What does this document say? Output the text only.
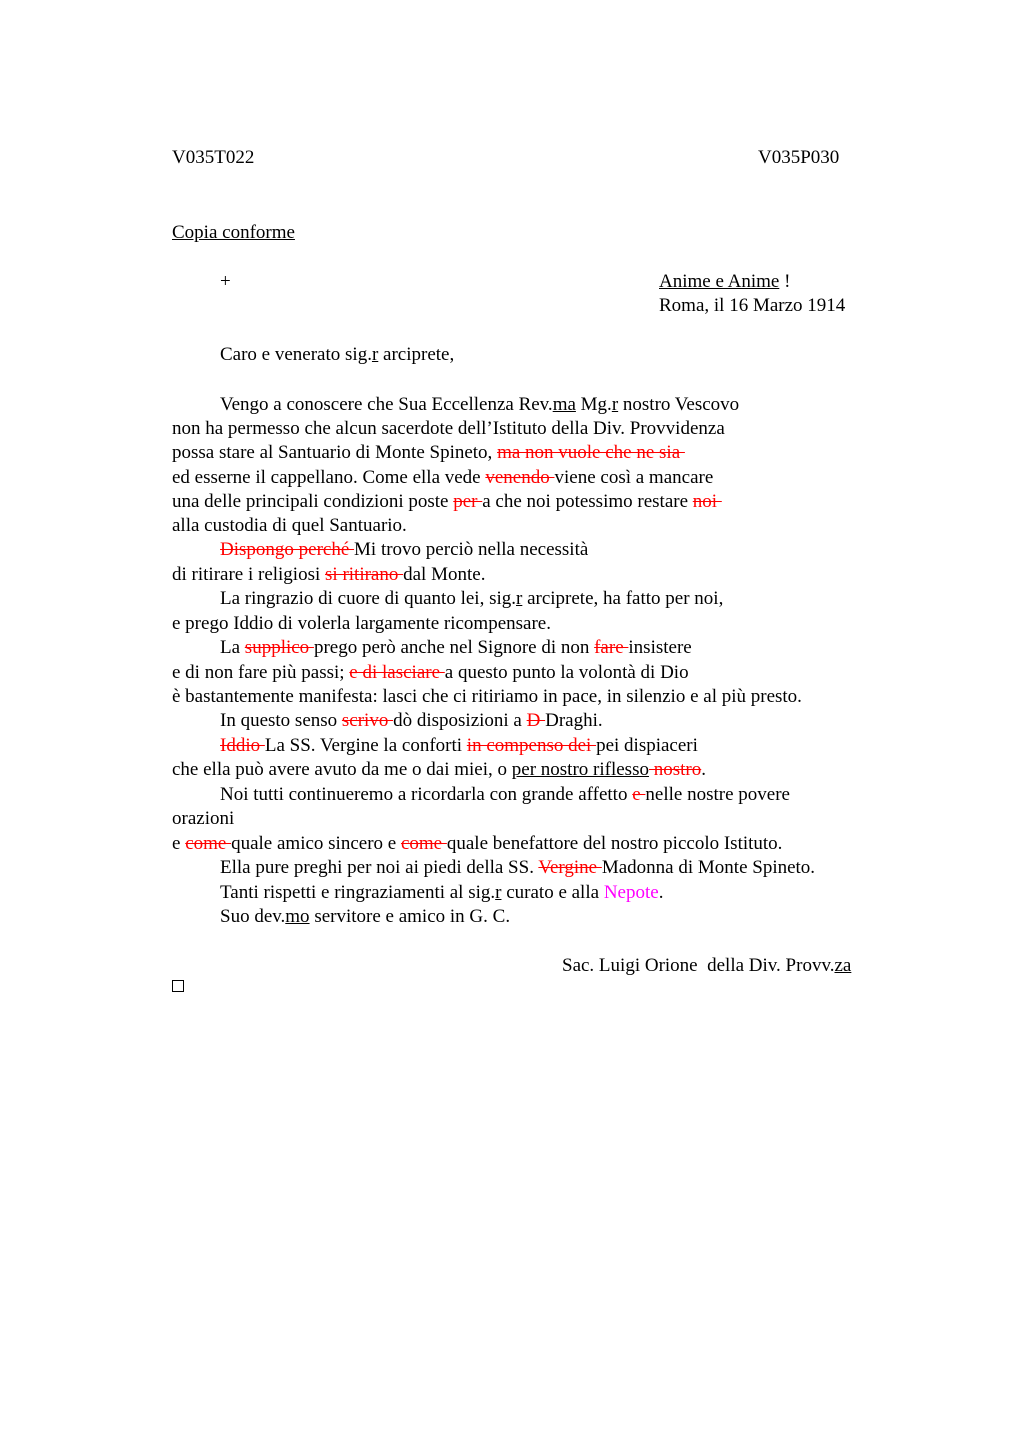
V035T022	V035P030
Copia conforme
+	Anime e Anime !
Roma, il 16 Marzo 1914
Caro e venerato sig.r arciprete,
Vengo a conoscere che Sua Eccellenza Rev.ma Mg.r nostro Vescovo
non ha permesso che alcun sacerdote dell’Istituto della Div. Provvidenza
possa stare al Santuario di Monte Spineto, ma non vuole che ne sia
ed esserne il cappellano. Come ella vede venendo viene così a mancare
una delle principali condizioni poste per a che noi potessimo restare noi
alla custodia di quel Santuario.
Dispongo perché Mi trovo perciò nella necessità
di ritirare i religiosi si ritirano dal Monte.
La ringrazio di cuore di quanto lei, sig.r arciprete, ha fatto per noi,
e prego Iddio di volerla largamente ricompensare.
La supplico prego però anche nel Signore di non fare insistere
e di non fare più passi; e di lasciare a questo punto la volontà di Dio
è bastantemente manifesta: lasci che ci ritiriamo in pace, in silenzio e al più presto.
In questo senso scrivo dò disposizioni a D Draghi.
Iddio La SS. Vergine la conforti in compenso dei pei dispiaceri
che ella può avere avuto da me o dai miei, o per nostro riflesso nostro.
Noi tutti continueremo a ricordarla con grande affetto e nelle nostre povere
orazioni
e come quale amico sincero e come quale benefattore del nostro piccolo Istituto.
Ella pure preghi per noi ai piedi della SS. Vergine Madonna di Monte Spineto.
Tanti rispetti e ringraziamenti al sig.r curato e alla Nepote.
Suo dev.mo servitore e amico in G. C.
Sac. Luigi Orione  della Div. Provv.za
